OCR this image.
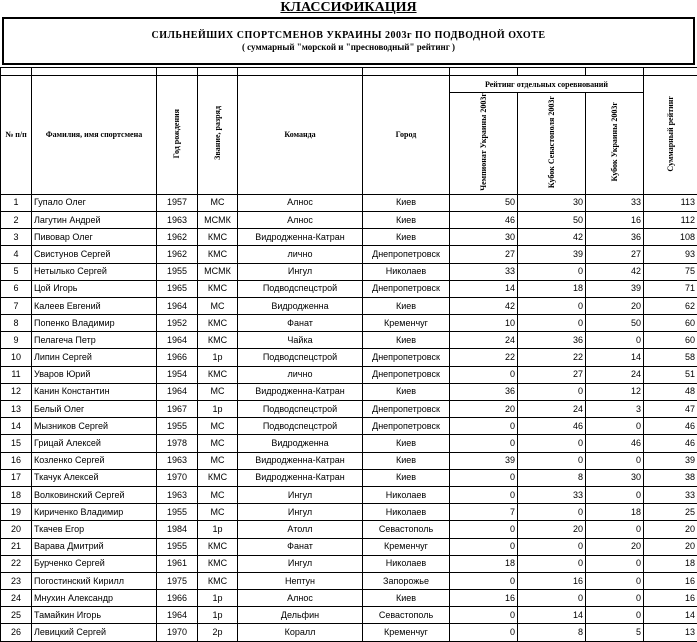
КЛАССИФИКАЦИЯ
СИЛЬНЕЙШИХ СПОРТСМЕНОВ УКРАИНЫ 2003г ПО ПОДВОДНОЙ ОХОТЕ
( суммарный "морской и "пресноводный" рейтинг )

№ п/п	Фамилия, имя спортсмена	Год рождения	Звание, разряд	Команда	Город	Рейтинг отдельных соревнований			Суммарный рейтинг
						Чемпионат Украины 2003г	Кубок Севастополя 2003г	Кубок Украины 2003г	
1	Гупало Олег	1957	МС	Алнос	Киев	50	30	33	113
2	Лагутин Андрей	1963	МСМК	Алнос	Киев	46	50	16	112
3	Пивовар Олег	1962	КМС	Видродженна-Катран	Киев	30	42	36	108
4	Свистунов Сергей	1962	КМС	лично	Днепропетровск	27	39	27	93
5	Нетылько Сергей	1955	МСМК	Ингул	Николаев	33	0	42	75
6	Цой Игорь	1965	КМС	Подводспецстрой	Днепропетровск	14	18	39	71
7	Калеев Евгений	1964	МС	Видродженна	Киев	42	0	20	62
8	Попенко Владимир	1952	КМС	Фанат	Кременчуг	10	0	50	60
9	Пелагеча Петр	1964	КМС	Чайка	Киев	24	36	0	60
10	Липин Сергей	1966	1р	Подводспецстрой	Днепропетровск	22	22	14	58
11	Уваров Юрий	1954	КМС	лично	Днепропетровск	0	27	24	51
12	Канин Константин	1964	МС	Видродженна-Катран	Киев	36	0	12	48
13	Белый Олег	1967	1р	Подводспецстрой	Днепропетровск	20	24	3	47
14	Мызников Сергей	1955	МС	Подводспецстрой	Днепропетровск	0	46	0	46
15	Грицай Алексей	1978	МС	Видродженна	Киев	0	0	46	46
16	Козленко Сергей	1963	МС	Видродженна-Катран	Киев	39	0	0	39
17	Ткачук Алексей	1970	КМС	Видродженна-Катран	Киев	0	8	30	38
18	Волковинский Сергей	1963	МС	Ингул	Николаев	0	33	0	33
19	Кириченко Владимир	1955	МС	Ингул	Николаев	7	0	18	25
20	Ткачев Егор	1984	1р	Атолл	Севастополь	0	20	0	20
21	Варава Дмитрий	1955	КМС	Фанат	Кременчуг	0	0	20	20
22	Бурченко Сергей	1961	КМС	Ингул	Николаев	18	0	0	18
23	Погостинский Кирилл	1975	КМС	Нептун	Запорожье	0	16	0	16
24	Мнухин Александр	1966	1р	Алнос	Киев	16	0	0	16
25	Тамайкин Игорь	1964	1р	Дельфин	Севастополь	0	14	0	14
26	Левицкий Сергей	1970	2р	Коралл	Кременчуг	0	8	5	13
